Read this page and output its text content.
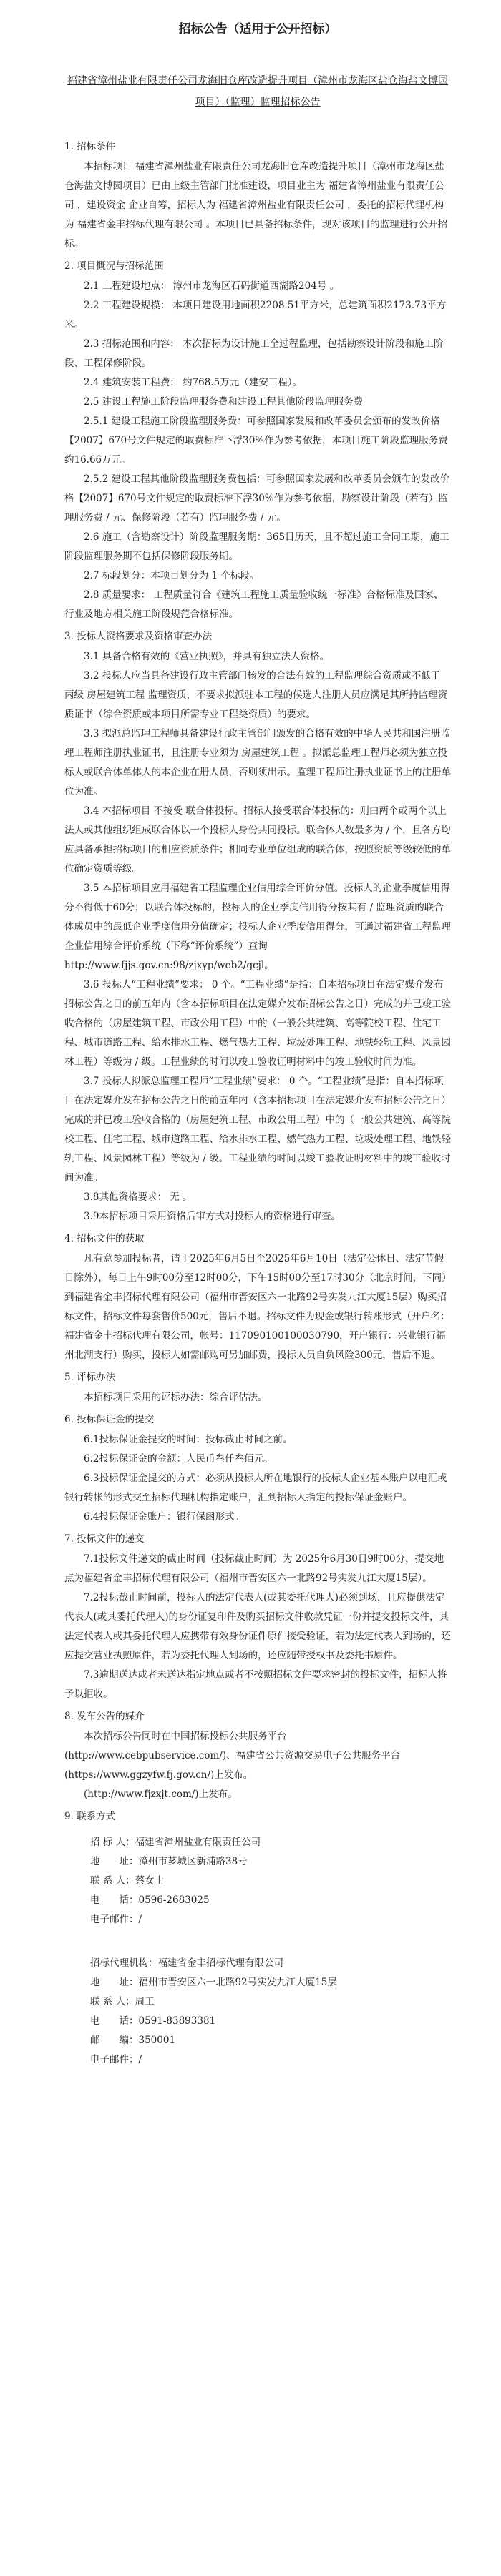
招标公告（适用于公开招标）
福建省漳州盐业有限责任公司龙海旧仓库改造提升项目（漳州市龙海区盐仓海盐文博园项目）（监理）监理招标公告
1. 招标条件

本招标项目 福建省漳州盐业有限责任公司龙海旧仓库改造提升项目（漳州市龙海区盐仓海盐文博园项目）已由上级主管部门批准建设，项目业主为 福建省漳州盐业有限责任公司 ，建设资金 企业自筹，招标人为 福建省漳州盐业有限责任公司 ，委托的招标代理机构为 福建省金丰招标代理有限公司 。本项目已具备招标条件，现对该项目的监理进行公开招标。

2. 项目概况与招标范围

2.1 工程建设地点： 漳州市龙海区石码街道西湖路204号 。

2.2 工程建设规模： 本项目建设用地面积2208.51平方米，总建筑面积2173.73平方米。

2.3 招标范围和内容： 本次招标为设计施工全过程监理，包括勘察设计阶段和施工阶段、工程保修阶段。

2.4 建筑安装工程费： 约768.5万元（建安工程）。

2.5 建设工程施工阶段监理服务费和建设工程其他阶段监理服务费

2.5.1 建设工程施工阶段监理服务费：可参照国家发展和改革委员会颁布的发改价格【2007】670号文件规定的取费标准下浮30%作为参考依据，本项目施工阶段监理服务费约16.66万元。

2.5.2 建设工程其他阶段监理服务费包括：可参照国家发展和改革委员会颁布的发改价格【2007】670号文件规定的取费标准下浮30%作为参考依据，勘察设计阶段（若有）监理服务费 / 元、保修阶段（若有）监理服务费 / 元。

2.6 施工（含勘察设计）阶段监理服务期：365日历天，且不超过施工合同工期，施工阶段监理服务期不包括保修阶段服务期。

2.7 标段划分：本项目划分为 1 个标段。

2.8 质量要求： 工程质量符合《建筑工程施工质量验收统一标准》合格标准及国家、行业及地方相关施工阶段规范合格标准。

3. 投标人资格要求及资格审查办法

3.1 具备合格有效的《营业执照》，并具有独立法人资格。

3.2 投标人应当具备建设行政主管部门核发的合法有效的工程监理综合资质或不低于 丙级 房屋建筑工程 监理资质，不要求拟派驻本工程的候选人注册人员应满足其所持监理资质证书（综合资质或本项目所需专业工程类资质）的要求。

3.3 拟派总监理工程师具备建设行政主管部门颁发的合格有效的中华人民共和国注册监理工程师注册执业证书，且注册专业须为 房屋建筑工程 。拟派总监理工程师必须为独立投标人或联合体单体人的本企业在册人员，否则须出示。监理工程师注册执业证书上的注册单位为准。

3.4 本招标项目 不接受 联合体投标。招标人接受联合体投标的：则由两个或两个以上法人或其他组织组成联合体以一个投标人身份共同投标。联合体人数最多为 / 个，且各方均应具备承担招标项目的相应资质条件；相同专业单位组成的联合体，按照资质等级较低的单位确定资质等级。

3.5 本招标项目应用福建省工程监理企业信用综合评价分值。投标人的企业季度信用得分不得低于60分；以联合体投标的，投标人的企业季度信用得分按其有 / 监理资质的联合体成员中的最低企业季度信用分值确定；投标人企业季度信用得分，可通过福建省工程监理企业信用综合评价系统（下称“评价系统”）查询 http://www.fjjs.gov.cn:98/zjxyp/web2/gcjl。

3.6 投标人“工程业绩”要求： 0 个。“工程业绩”是指：自本招标项目在法定媒介发布招标公告之日的前五年内（含本招标项目在法定媒介发布招标公告之日）完成的并已竣工验收合格的（房屋建筑工程、市政公用工程）中的（一般公共建筑、高等院校工程、住宅工程、城市道路工程、给水排水工程、燃气热力工程、垃圾处理工程、地铁轻轨工程、风景园林工程）等级为 / 级。工程业绩的时间以竣工验收证明材料中的竣工验收时间为准。

3.7 投标人拟派总监理工程师“工程业绩”要求： 0 个。“工程业绩”是指：自本招标项目在法定媒介发布招标公告之日的前五年内（含本招标项目在法定媒介发布招标公告之日）完成的并已竣工验收合格的（房屋建筑工程、市政公用工程）中的（一般公共建筑、高等院校工程、住宅工程、城市道路工程、给水排水工程、燃气热力工程、垃圾处理工程、地铁轻轨工程、风景园林工程）等级为 / 级。工程业绩的时间以竣工验收证明材料中的竣工验收时间为准。

3.8其他资格要求： 无 。

3.9本招标项目采用资格后审方式对投标人的资格进行审查。

4. 招标文件的获取

凡有意参加投标者，请于2025年6月5日至2025年6月10日（法定公休日、法定节假日除外），每日上午9时00分至12时00分，下午15时00分至17时30分（北京时间，下同）到福建省金丰招标代理有限公司（福州市晋安区六一北路92号实发九江大厦15层）购买招标文件，招标文件每套售价500元，售后不退。招标文件为现金或银行转账形式（开户名：福建省金丰招标代理有限公司，帐号：117090100100030790，开户银行：兴业银行福州北湖支行）购买，投标人如需邮购可另加邮费，投标人员自负风险300元，售后不退。

5. 评标办法

本招标项目采用的评标办法：综合评估法。

6. 投标保证金的提交

6.1投标保证金提交的时间：投标截止时间之前。

6.2投标保证金的金额：人民币叁仟叁佰元。

6.3投标保证金提交的方式：必须从投标人所在地银行的投标人企业基本账户以电汇或银行转帐的形式交至招标代理机构指定账户，汇到招标人指定的投标保证金账户。

6.4投标保证金账户：银行保函形式。

7. 投标文件的递交

7.1投标文件递交的截止时间（投标截止时间）为 2025年6月30日9时00分，提交地点为福建省金丰招标代理有限公司（福州市晋安区六一北路92号实发九江大厦15层）。

7.2投标截止时间前，投标人的法定代表人(或其委托代理人)必须到场，且应提供法定代表人(或其委托代理人)的身份证复印件及购买招标文件收款凭证一份并提交投标文件，其法定代表人或其委托代理人应携带有效身份证件原件接受验证，若为法定代表人到场的，还应提交营业执照原件，若为委托代理人到场的，还应随带授权书及委托书原件。

7.3逾期送达或者未送达指定地点或者不按照招标文件要求密封的投标文件，招标人将予以拒收。

8. 发布公告的媒介

本次招标公告同时在中国招标投标公共服务平台(http://www.cebpubservice.com/)、福建省公共资源交易电子公共服务平台(https://www.ggzyfw.fj.gov.cn/)上发布。

(http://www.fjzxjt.com/)上发布。

9. 联系方式
招 标 人：福建省漳州盐业有限责任公司
地　　址：漳州市芗城区新浦路38号
联 系 人：蔡女士
电　　话：0596-2683025
电子邮件：/
招标代理机构：福建省金丰招标代理有限公司
地　　址：福州市晋安区六一北路92号实发九江大厦15层
联 系 人：周工
电　　话：0591-83893381
邮　　编：350001
电子邮件：/
